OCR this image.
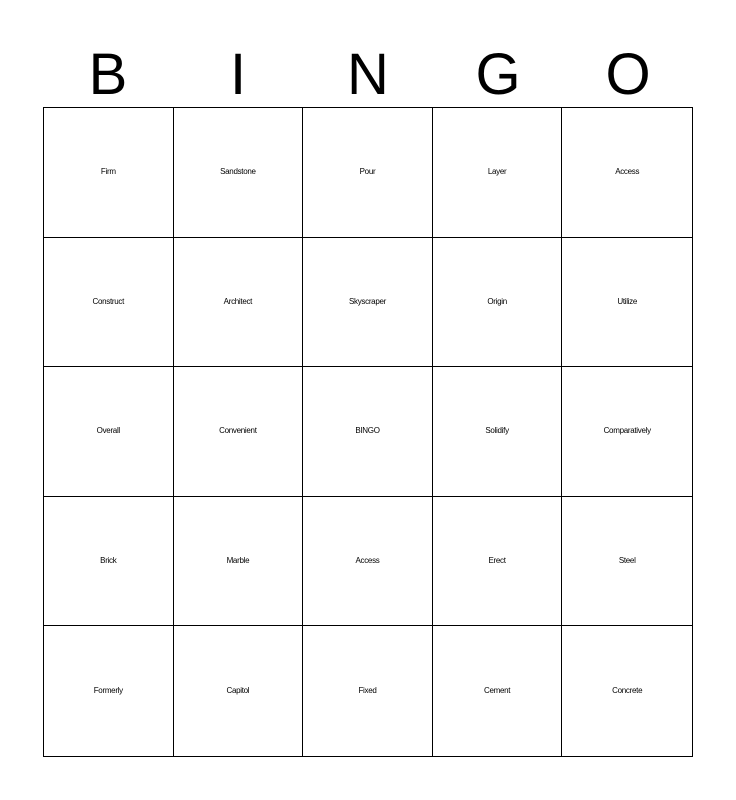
B	I	N	G	O
Firm	Sandstone	Pour	Layer	Access
Construct	Architect	Skyscraper	Origin	Utilize
Overall	Convenient	BINGO	Solidify	Comparatively
Brick	Marble	Access	Erect	Steel
Formerly	Capitol	Fixed	Cement	Concrete
